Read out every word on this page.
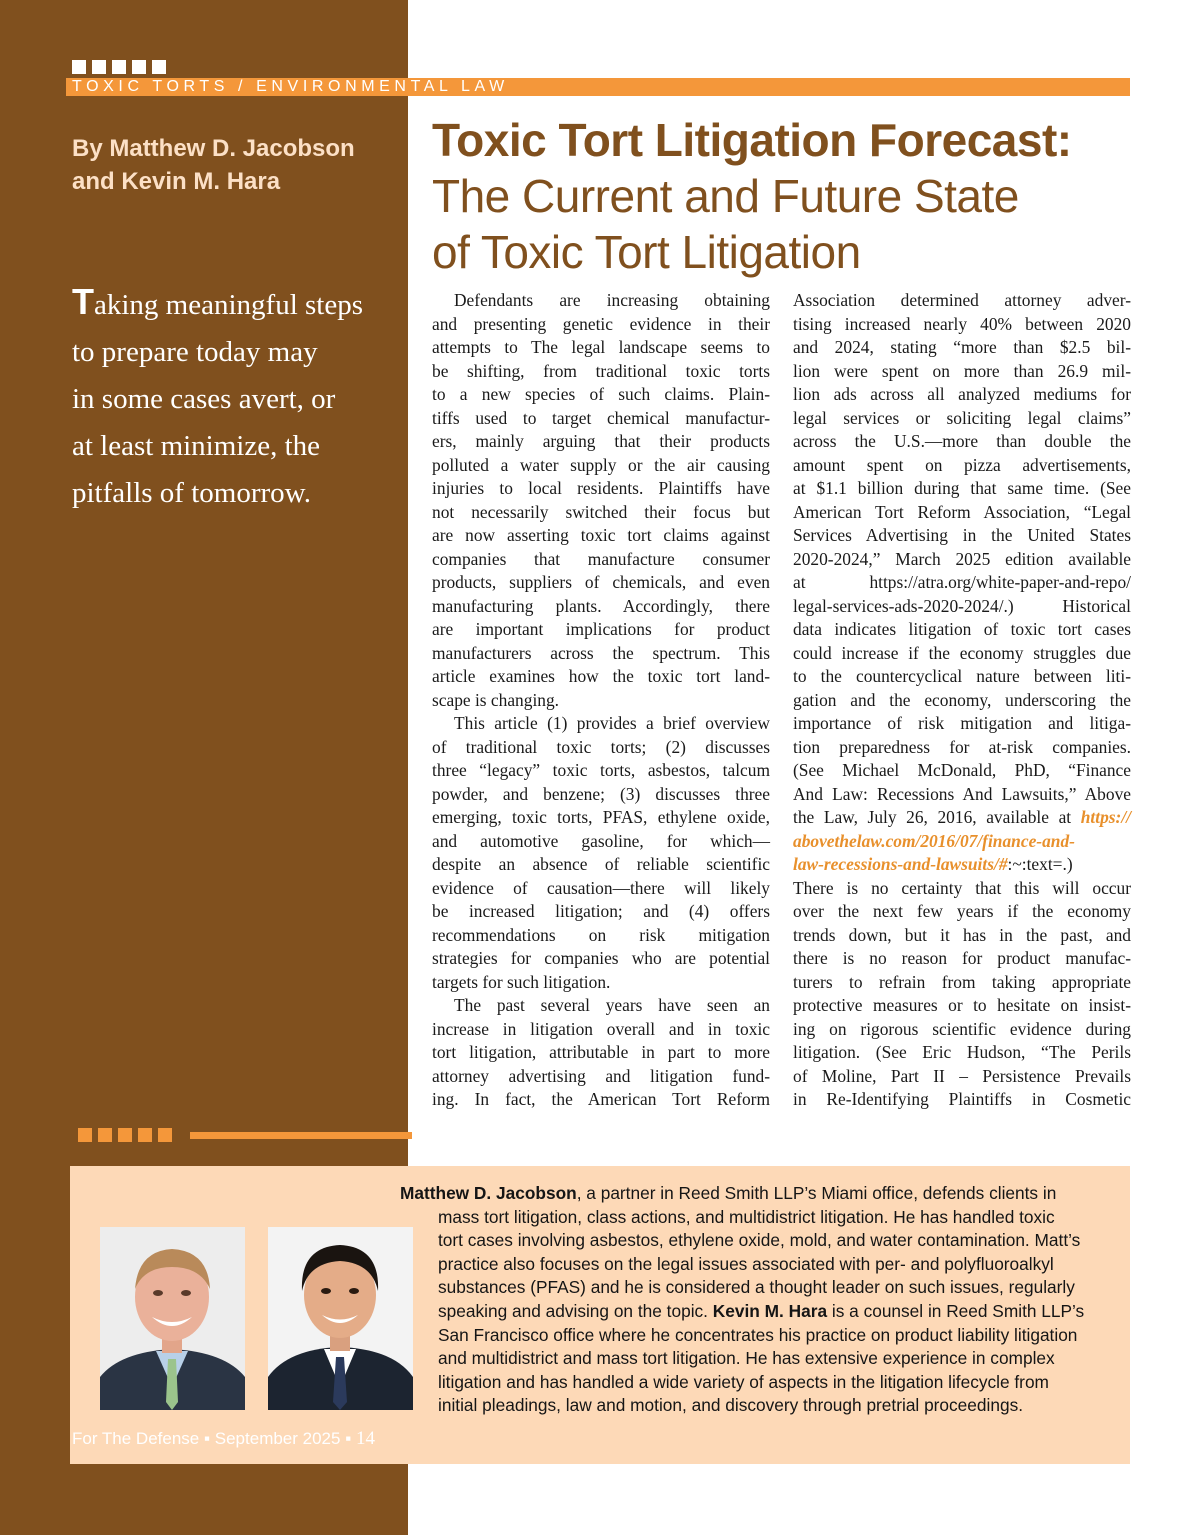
TOXIC TORTS / ENVIRONMENTAL LAW
By Matthew D. Jacobson
and Kevin M. Hara
Taking meaningful steps
to prepare today may
in some cases avert, or
at least minimize, the
pitfalls of tomorrow.
Toxic Tort Litigation Forecast:
The Current and Future State
of Toxic Tort Litigation
Defendants are increasing obtaining
and presenting genetic evidence in their
attempts to The legal landscape seems to
be shifting, from traditional toxic torts
to a new species of such claims. Plain-
tiffs used to target chemical manufactur-
ers, mainly arguing that their products
polluted a water supply or the air causing
injuries to local residents. Plaintiffs have
not necessarily switched their focus but
are now asserting toxic tort claims against
companies that manufacture consumer
products, suppliers of chemicals, and even
manufacturing plants. Accordingly, there
are important implications for product
manufacturers across the spectrum. This
article examines how the toxic tort land-
scape is changing.
This article (1) provides a brief overview
of traditional toxic torts; (2) discusses
three “legacy” toxic torts, asbestos, talcum
powder, and benzene; (3) discusses three
emerging, toxic torts, PFAS, ethylene oxide,
and automotive gasoline, for which—
despite an absence of reliable scientific
evidence of causation—there will likely
be increased litigation; and (4) offers
recommendations on risk mitigation
strategies for companies who are potential
targets for such litigation.
The past several years have seen an
increase in litigation overall and in toxic
tort litigation, attributable in part to more
attorney advertising and litigation fund-
ing. In fact, the American Tort Reform
Association determined attorney adver-
tising increased nearly 40% between 2020
and 2024, stating “more than $2.5 bil-
lion were spent on more than 26.9 mil-
lion ads across all analyzed mediums for
legal services or soliciting legal claims”
across the U.S.—more than double the
amount spent on pizza advertisements,
at $1.1 billion during that same time. (See
American Tort Reform Association, “Legal
Services Advertising in the United States
2020-2024,” March 2025 edition available
at https://atra.org/white-paper-and-repo/
legal-services-ads-2020-2024/.) Historical
data indicates litigation of toxic tort cases
could increase if the economy struggles due
to the countercyclical nature between liti-
gation and the economy, underscoring the
importance of risk mitigation and litiga-
tion preparedness for at-risk companies.
(See Michael McDonald, PhD, “Finance
And Law: Recessions And Lawsuits,” Above
the Law, July 26, 2016, available at https://
abovethelaw.com/2016/07/finance-and-
law-recessions-and-lawsuits/#:~:text=.)
There is no certainty that this will occur
over the next few years if the economy
trends down, but it has in the past, and
there is no reason for product manufac-
turers to refrain from taking appropriate
protective measures or to hesitate on insist-
ing on rigorous scientific evidence during
litigation. (See Eric Hudson, “The Perils
of Moline, Part II – Persistence Prevails
in Re-Identifying Plaintiffs in Cosmetic
Matthew D. Jacobson, a partner in Reed Smith LLP’s Miami office, defends clients in
mass tort litigation, class actions, and multidistrict litigation. He has handled toxic
tort cases involving asbestos, ethylene oxide, mold, and water contamination. Matt’s
practice also focuses on the legal issues associated with per- and polyfluoroalkyl
substances (PFAS) and he is considered a thought leader on such issues, regularly
speaking and advising on the topic. Kevin M. Hara is a counsel in Reed Smith LLP’s
San Francisco office where he concentrates his practice on product liability litigation
and multidistrict and mass tort litigation. He has extensive experience in complex
litigation and has handled a wide variety of aspects in the litigation lifecycle from
initial pleadings, law and motion, and discovery through pretrial proceedings.
For The Defense ▪ September 2025 ▪ 14
